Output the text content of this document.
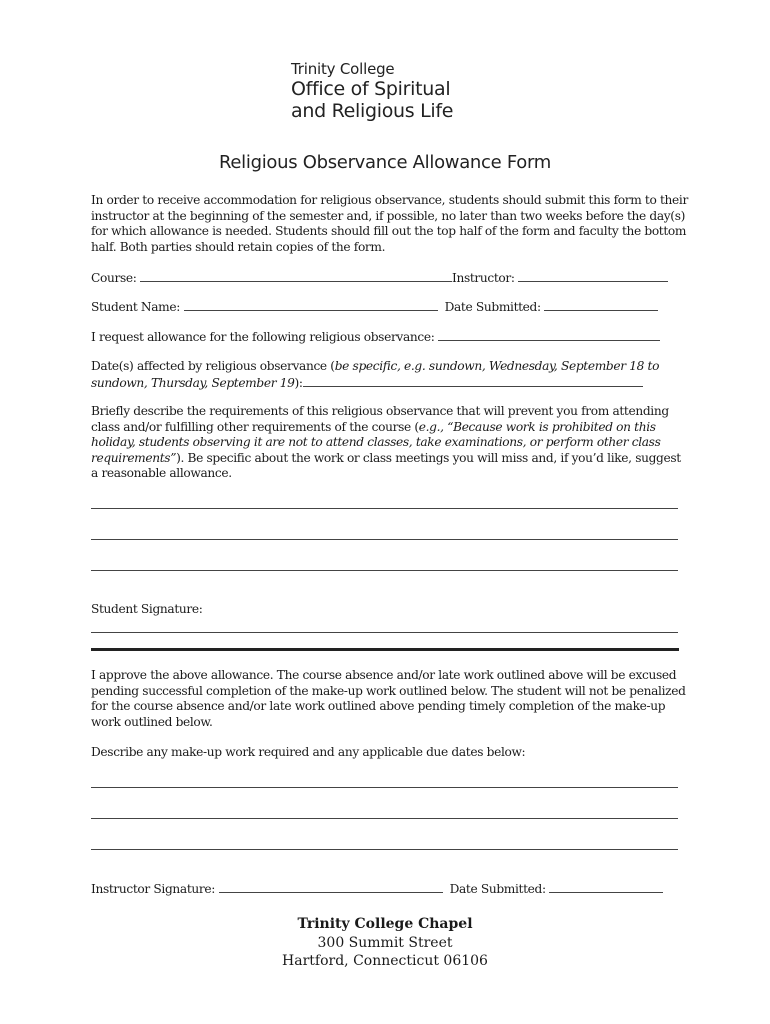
Trinity College
Office of Spiritual
and Religious Life
Religious Observance Allowance Form
In order to receive accommodation for religious observance, students should submit this form to their instructor at the beginning of the semester and, if possible, no later than two weeks before the day(s) for which allowance is needed. Students should fill out the top half of the form and faculty the bottom half. Both parties should retain copies of the form.
Course:	Instructor:
Student Name:	Date Submitted:
I request allowance for the following religious observance:
Date(s) affected by religious observance (be specific, e.g. sundown, Wednesday, September 18 to sundown, Thursday, September 19):
Briefly describe the requirements of this religious observance that will prevent you from attending class and/or fulfilling other requirements of the course (e.g., “Because work is prohibited on this holiday, students observing it are not to attend classes, take examinations, or perform other class requirements”). Be specific about the work or class meetings you will miss and, if you’d like, suggest a reasonable allowance.
Student Signature:
I approve the above allowance. The course absence and/or late work outlined above will be excused pending successful completion of the make-up work outlined below. The student will not be penalized for the course absence and/or late work outlined above pending timely completion of the make-up work outlined below.
Describe any make-up work required and any applicable due dates below:
Instructor Signature:	Date Submitted:
Trinity College Chapel
300 Summit Street
Hartford, Connecticut 06106
